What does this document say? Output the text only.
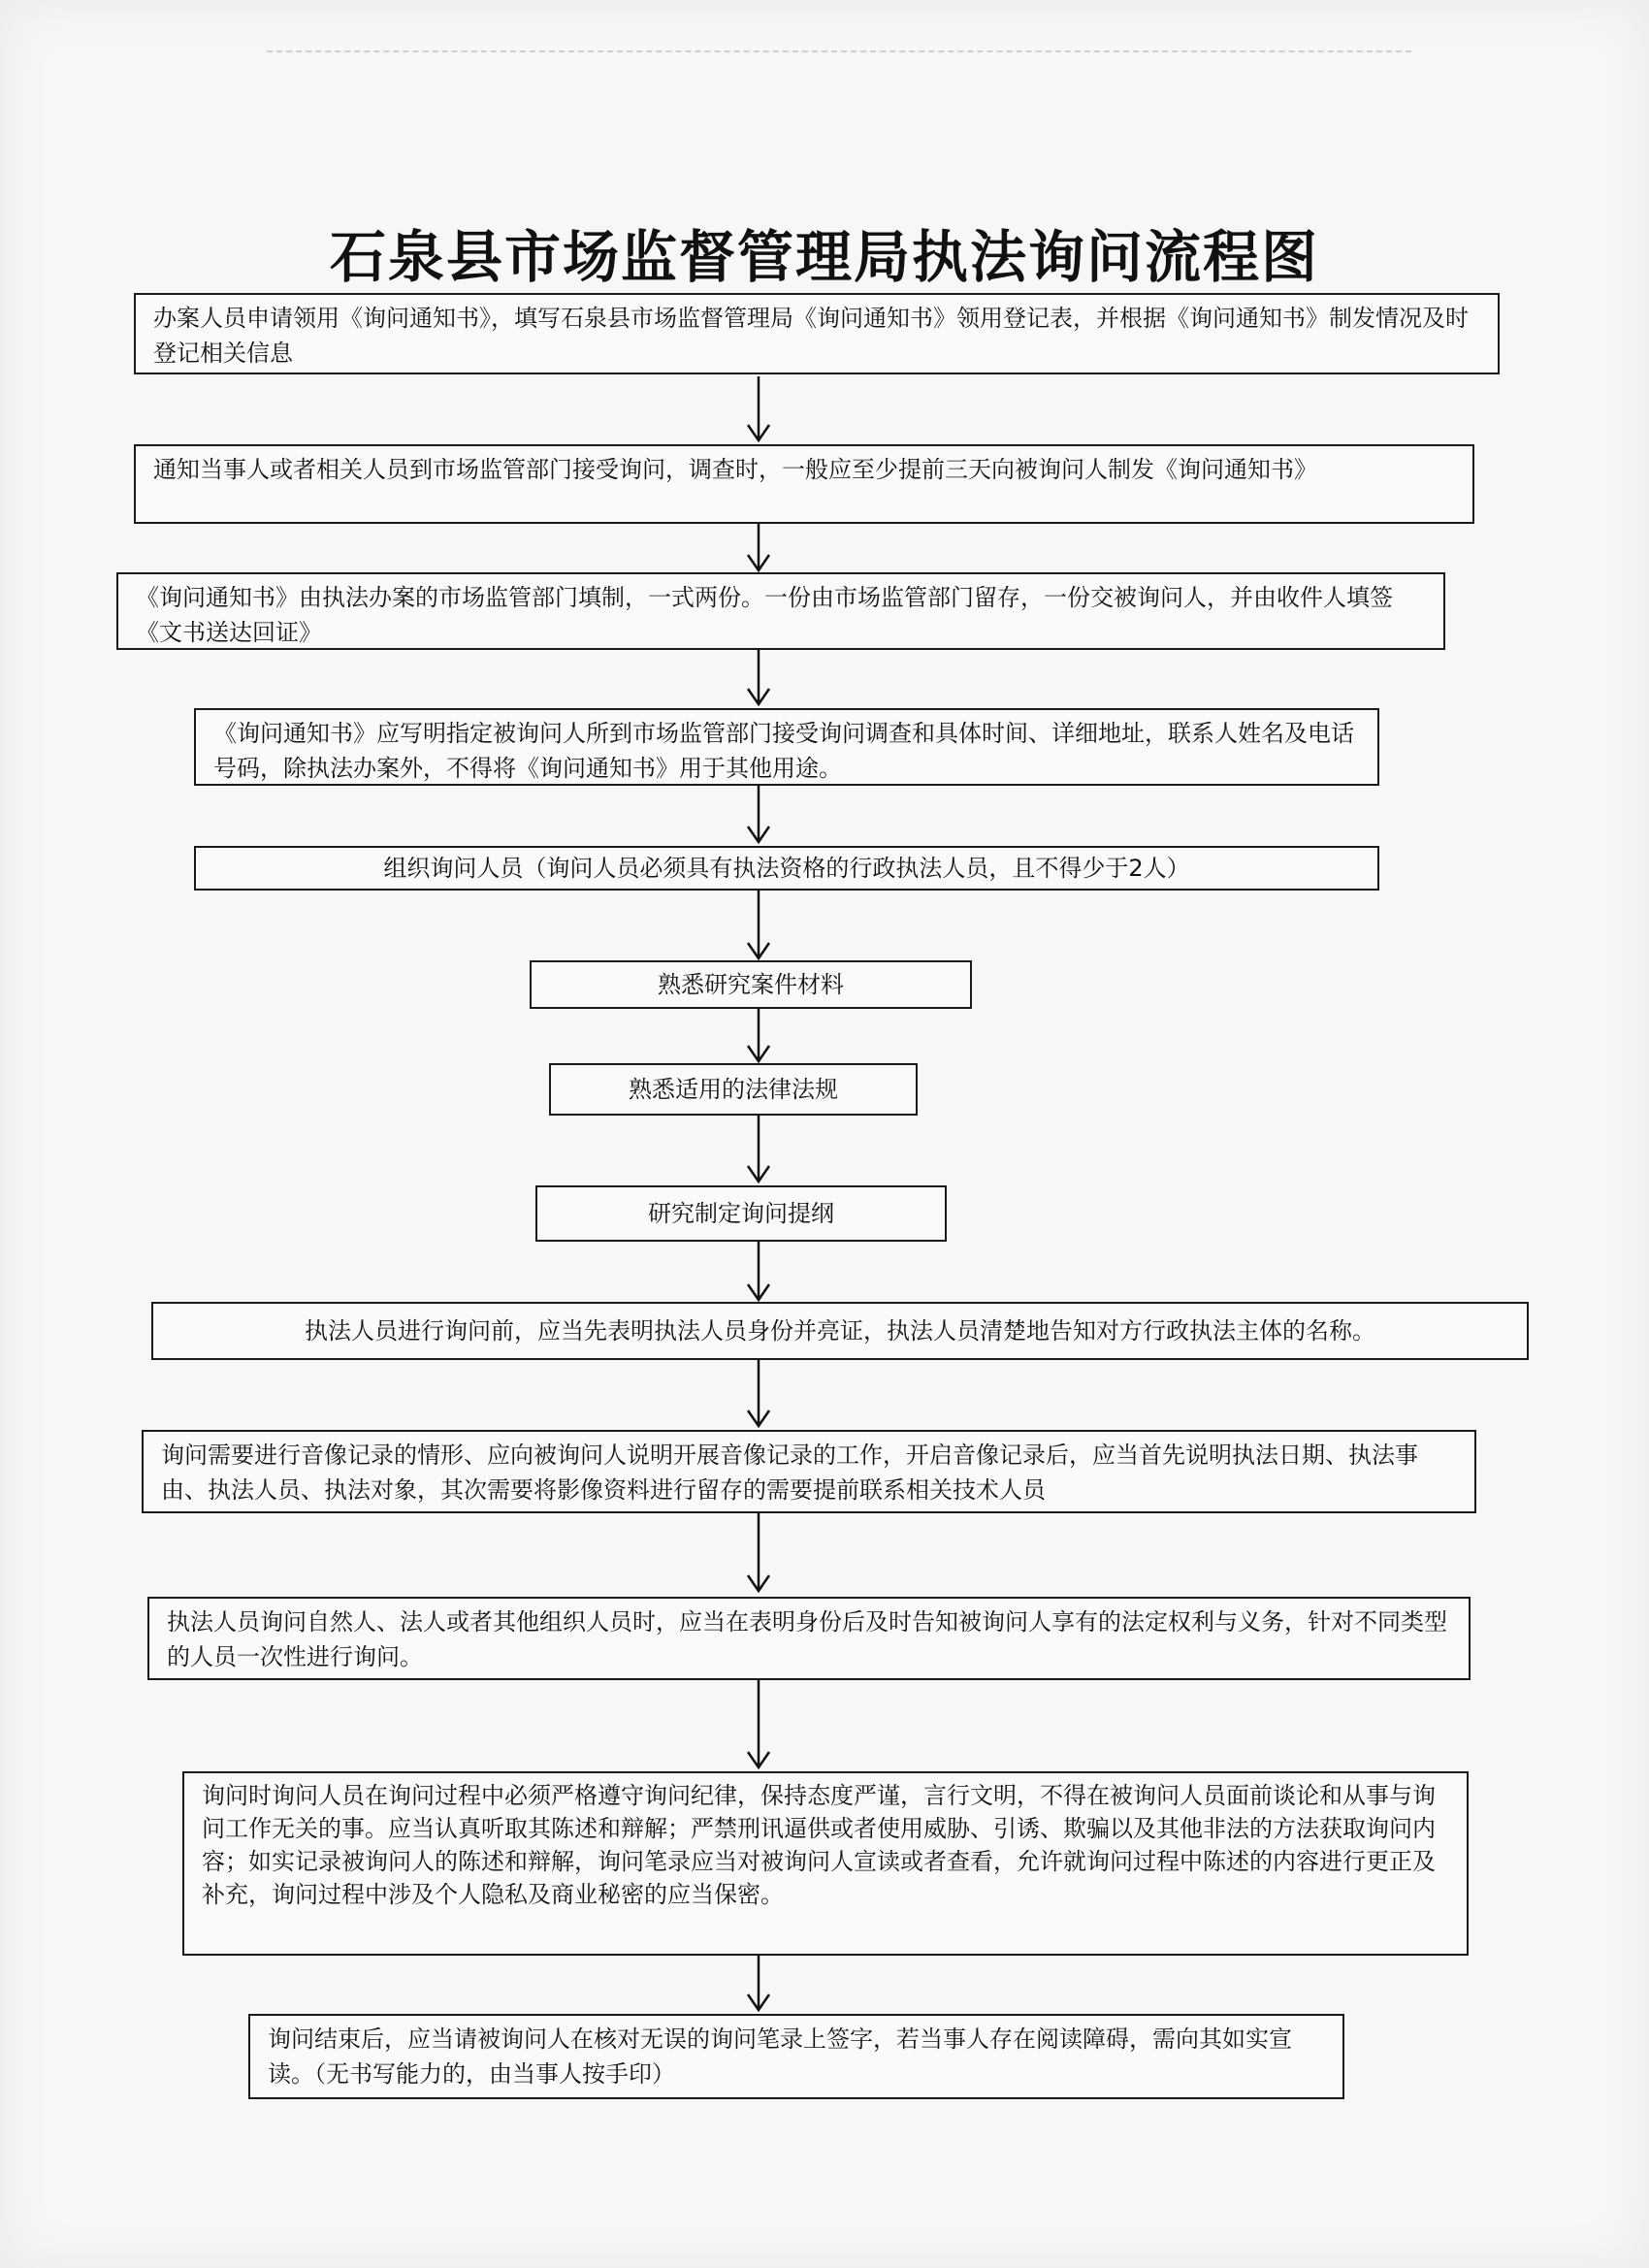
石泉县市场监督管理局执法询问流程图
办案人员申请领用《询问通知书》，填写石泉县市场监督管理局《询问通知书》领用登记表，并根据《询问通知书》制发情况及时登记相关信息
通知当事人或者相关人员到市场监管部门接受询问，调查时，一般应至少提前三天向被询问人制发《询问通知书》
《询问通知书》由执法办案的市场监管部门填制，一式两份。一份由市场监管部门留存，一份交被询问人，并由收件人填签《文书送达回证》
《询问通知书》应写明指定被询问人所到市场监管部门接受询问调查和具体时间、详细地址，联系人姓名及电话号码，除执法办案外，不得将《询问通知书》用于其他用途。
组织询问人员（询问人员必须具有执法资格的行政执法人员，且不得少于2人）
熟悉研究案件材料
熟悉适用的法律法规
研究制定询问提纲
执法人员进行询问前，应当先表明执法人员身份并亮证，执法人员清楚地告知对方行政执法主体的名称。
询问需要进行音像记录的情形、应向被询问人说明开展音像记录的工作，开启音像记录后，应当首先说明执法日期、执法事由、执法人员、执法对象，其次需要将影像资料进行留存的需要提前联系相关技术人员
执法人员询问自然人、法人或者其他组织人员时，应当在表明身份后及时告知被询问人享有的法定权利与义务，针对不同类型的人员一次性进行询问。
询问时询问人员在询问过程中必须严格遵守询问纪律，保持态度严谨，言行文明，不得在被询问人员面前谈论和从事与询问工作无关的事。应当认真听取其陈述和辩解；严禁刑讯逼供或者使用威胁、引诱、欺骗以及其他非法的方法获取询问内容；如实记录被询问人的陈述和辩解，询问笔录应当对被询问人宣读或者查看，允许就询问过程中陈述的内容进行更正及补充，询问过程中涉及个人隐私及商业秘密的应当保密。
询问结束后，应当请被询问人在核对无误的询问笔录上签字，若当事人存在阅读障碍，需向其如实宣读。（无书写能力的，由当事人按手印）
